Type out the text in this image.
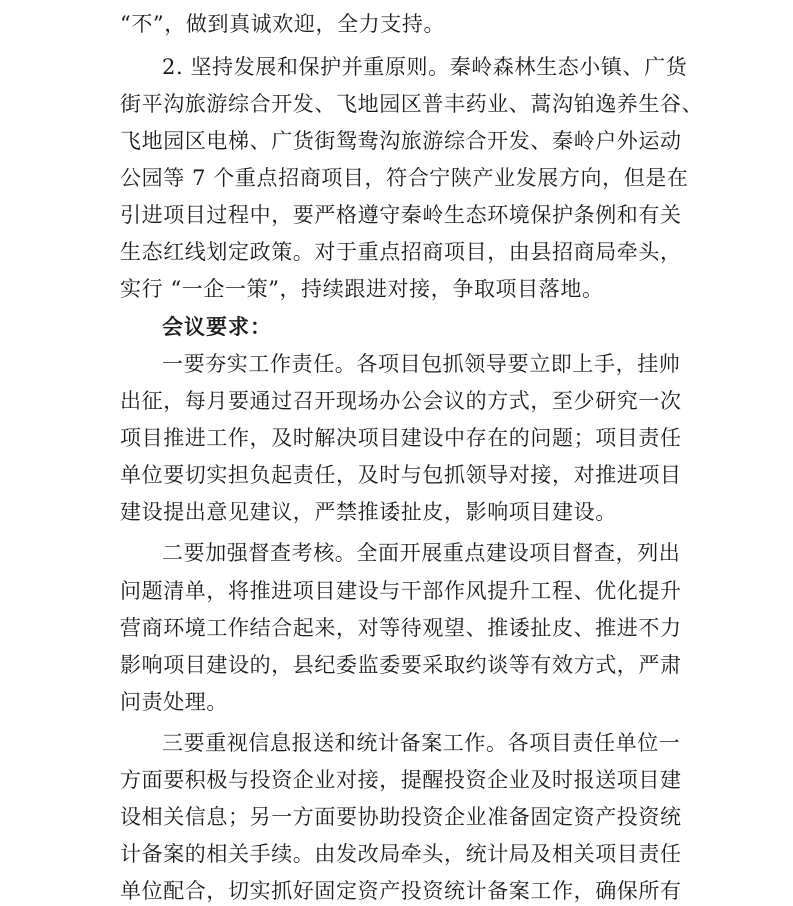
“不”，做到真诚欢迎，全力支持。
2. 坚持发展和保护并重原则。秦岭森林生态小镇、广货
街平沟旅游综合开发、飞地园区普丰药业、蒿沟铂逸养生谷、
飞地园区电梯、广货街鸳鸯沟旅游综合开发、秦岭户外运动
公园等 7 个重点招商项目，符合宁陕产业发展方向，但是在
引进项目过程中，要严格遵守秦岭生态环境保护条例和有关
生态红线划定政策。对于重点招商项目，由县招商局牵头，
实行 “一企一策”，持续跟进对接，争取项目落地。
会议要求：
一要夯实工作责任。各项目包抓领导要立即上手，挂帅
出征，每月要通过召开现场办公会议的方式，至少研究一次
项目推进工作，及时解决项目建设中存在的问题；项目责任
单位要切实担负起责任，及时与包抓领导对接，对推进项目
建设提出意见建议，严禁推诿扯皮，影响项目建设。
二要加强督查考核。全面开展重点建设项目督查，列出
问题清单，将推进项目建设与干部作风提升工程、优化提升
营商环境工作结合起来，对等待观望、推诿扯皮、推进不力
影响项目建设的，县纪委监委要采取约谈等有效方式，严肃
问责处理。
三要重视信息报送和统计备案工作。各项目责任单位一
方面要积极与投资企业对接，提醒投资企业及时报送项目建
设相关信息；另一方面要协助投资企业准备固定资产投资统
计备案的相关手续。由发改局牵头，统计局及相关项目责任
单位配合，切实抓好固定资产投资统计备案工作，确保所有
